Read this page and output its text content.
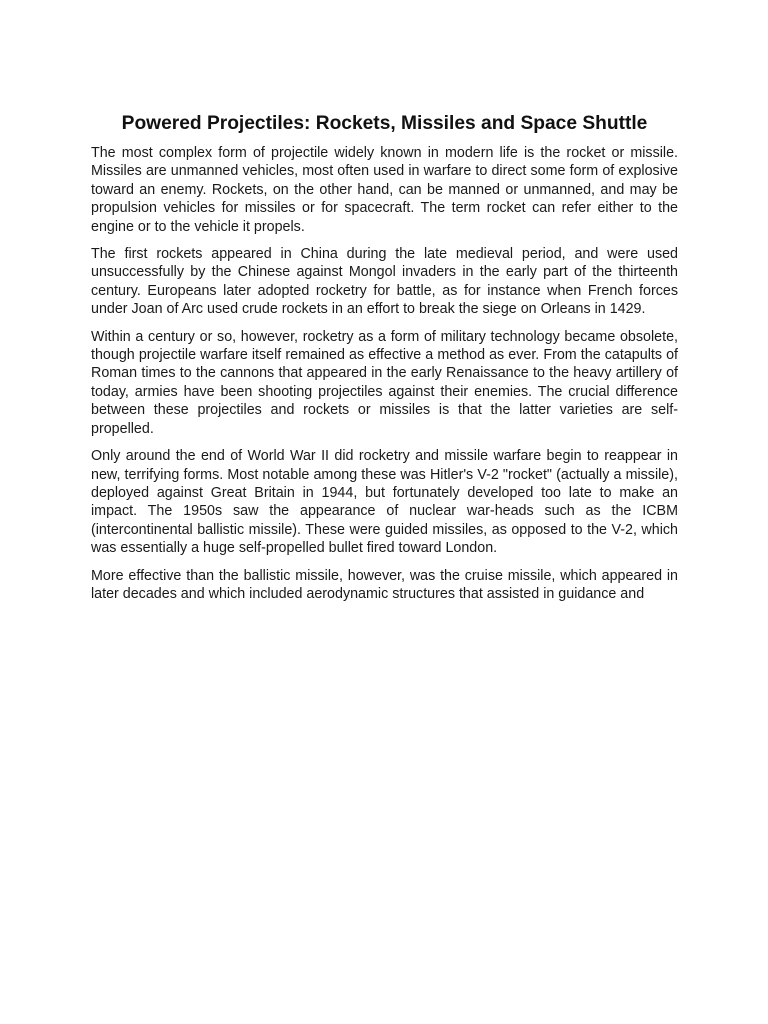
Powered Projectiles: Rockets, Missiles and Space Shuttle

The most complex form of projectile widely known in modern life is the rocket or missile. Missiles are unmanned vehicles, most often used in warfare to direct some form of explosive toward an enemy. Rockets, on the other hand, can be manned or unmanned, and may be propulsion vehicles for missiles or for spacecraft. The term rocket can refer either to the engine or to the vehicle it propels.

The first rockets appeared in China during the late medieval period, and were used unsuccessfully by the Chinese against Mongol invaders in the early part of the thirteenth century. Europeans later adopted rocketry for battle, as for instance when French forces under Joan of Arc used crude rockets in an effort to break the siege on Orleans in 1429.

Within a century or so, however, rocketry as a form of military technology became obsolete, though projectile warfare itself remained as effective a method as ever. From the catapults of Roman times to the cannons that appeared in the early Renaissance to the heavy artillery of today, armies have been shooting projectiles against their enemies. The crucial difference between these projectiles and rockets or missiles is that the latter varieties are self-propelled.

Only around the end of World War II did rocketry and missile warfare begin to reappear in new, terrifying forms. Most notable among these was Hitler's V-2 "rocket" (actually a missile), deployed against Great Britain in 1944, but fortunately developed too late to make an impact. The 1950s saw the appearance of nuclear war-heads such as the ICBM (intercontinental ballistic missile). These were guided missiles, as opposed to the V-2, which was essentially a huge self-propelled bullet fired toward London.

More effective than the ballistic missile, however, was the cruise missile, which appeared in later decades and which included aerodynamic structures that assisted in guidance and
